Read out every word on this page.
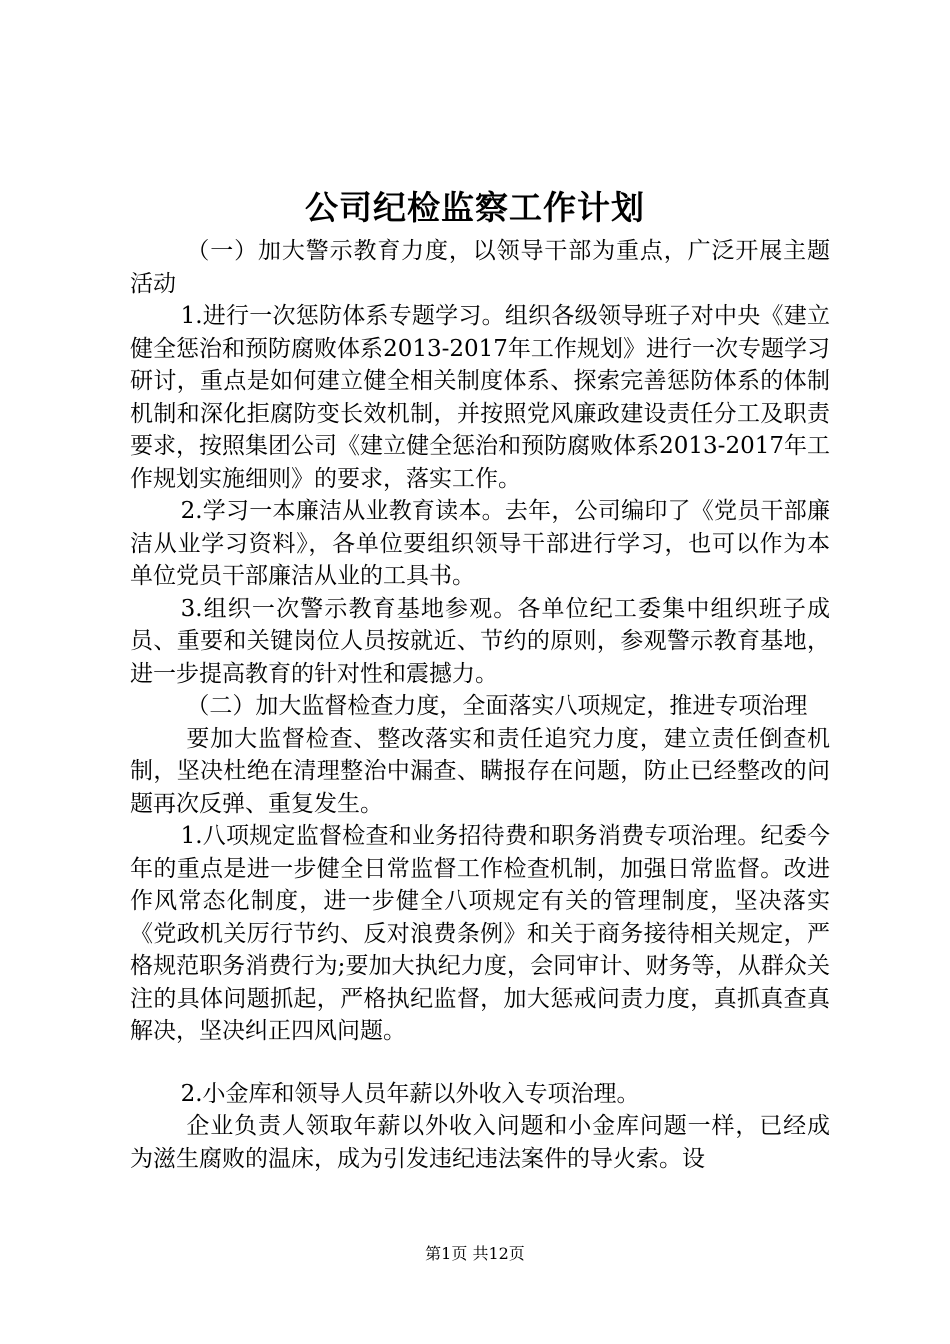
公司纪检监察工作计划

（一）加大警示教育力度，以领导干部为重点，广泛开展主题活动

1.进行一次惩防体系专题学习。组织各级领导班子对中央《建立健全惩治和预防腐败体系2013-2017年工作规划》进行一次专题学习研讨，重点是如何建立健全相关制度体系、探索完善惩防体系的体制机制和深化拒腐防变长效机制，并按照党风廉政建设责任分工及职责要求，按照集团公司《建立健全惩治和预防腐败体系2013-2017年工作规划实施细则》的要求，落实工作。

2.学习一本廉洁从业教育读本。去年，公司编印了《党员干部廉洁从业学习资料》，各单位要组织领导干部进行学习，也可以作为本单位党员干部廉洁从业的工具书。

3.组织一次警示教育基地参观。各单位纪工委集中组织班子成员、重要和关键岗位人员按就近、节约的原则，参观警示教育基地，进一步提高教育的针对性和震撼力。

（二）加大监督检查力度，全面落实八项规定，推进专项治理

要加大监督检查、整改落实和责任追究力度，建立责任倒查机制，坚决杜绝在清理整治中漏查、瞒报存在问题，防止已经整改的问题再次反弹、重复发生。

1.八项规定监督检查和业务招待费和职务消费专项治理。纪委今年的重点是进一步健全日常监督工作检查机制，加强日常监督。改进作风常态化制度，进一步健全八项规定有关的管理制度，坚决落实《党政机关厉行节约、反对浪费条例》和关于商务接待相关规定，严格规范职务消费行为;要加大执纪力度，会同审计、财务等，从群众关注的具体问题抓起，严格执纪监督，加大惩戒问责力度，真抓真查真解决，坚决纠正四风问题。

2.小金库和领导人员年薪以外收入专项治理。

企业负责人领取年薪以外收入问题和小金库问题一样，已经成为滋生腐败的温床，成为引发违纪违法案件的导火索。设

第1页 共12页
